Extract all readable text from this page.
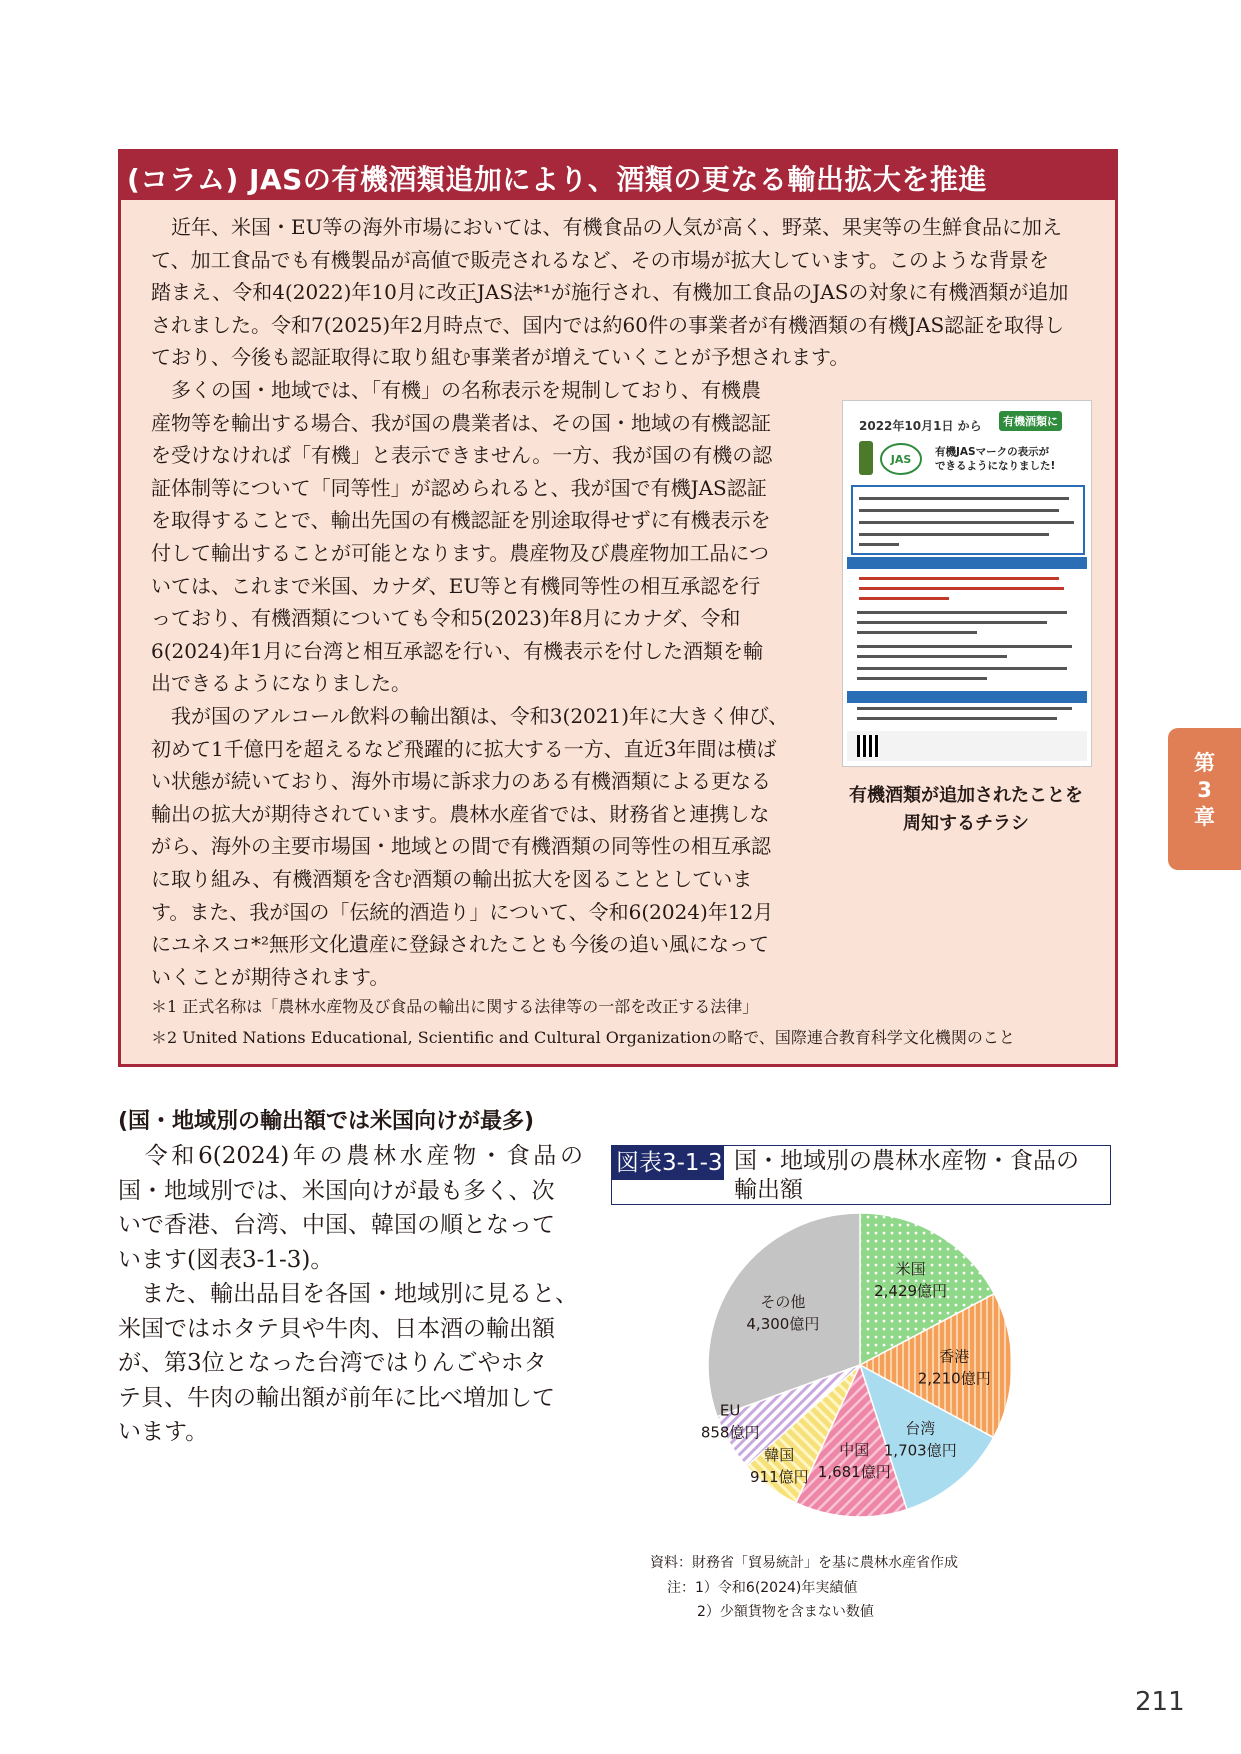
(コラム) JASの有機酒類追加により、酒類の更なる輸出拡大を推進

近年、米国・EU等の海外市場においては、有機食品の人気が高く、野菜、果実等の生鮮食品に加え

て、加工食品でも有機製品が高値で販売されるなど、その市場が拡大しています。このような背景を

踏まえ、令和4(2022)年10月に改正JAS法*¹が施行され、有機加工食品のJASの対象に有機酒類が追加

されました。令和7(2025)年2月時点で、国内では約60件の事業者が有機酒類の有機JAS認証を取得し

ており、今後も認証取得に取り組む事業者が増えていくことが予想されます。

多くの国・地域では、「有機」の名称表示を規制しており、有機農

産物等を輸出する場合、我が国の農業者は、その国・地域の有機認証

を受けなければ「有機」と表示できません。一方、我が国の有機の認

証体制等について「同等性」が認められると、我が国で有機JAS認証

を取得することで、輸出先国の有機認証を別途取得せずに有機表示を

付して輸出することが可能となります。農産物及び農産物加工品につ

いては、これまで米国、カナダ、EU等と有機同等性の相互承認を行

っており、有機酒類についても令和5(2023)年8月にカナダ、令和

6(2024)年1月に台湾と相互承認を行い、有機表示を付した酒類を輸

出できるようになりました。

我が国のアルコール飲料の輸出額は、令和3(2021)年に大きく伸び、

初めて1千億円を超えるなど飛躍的に拡大する一方、直近3年間は横ば

い状態が続いており、海外市場に訴求力のある有機酒類による更なる

輸出の拡大が期待されています。農林水産省では、財務省と連携しな

がら、海外の主要市場国・地域との間で有機酒類の同等性の相互承認

に取り組み、有機酒類を含む酒類の輸出拡大を図ることとしていま

す。また、我が国の「伝統的酒造り」について、令和6(2024)年12月

にユネスコ*²無形文化遺産に登録されたことも今後の追い風になって

いくことが期待されます。

＊1 正式名称は「農林水産物及び食品の輸出に関する法律等の一部を改正する法律」
＊2 United Nations Educational, Scientific and Cultural Organizationの略で、国際連合教育科学文化機関のこと
2022年10月1日 から	有機酒類に
JAS
有機JASマークの表示が
できるようになりました!
有機酒類が追加されたことを
周知するチラシ
第
3
章
(国・地域別の輸出額では米国向けが最多)
令和6(2024)年の農林水産物・食品の
国・地域別では、米国向けが最も多く、次
いで香港、台湾、中国、韓国の順となって
います(図表3-1-3)。
また、輸出品目を各国・地域別に見ると、
米国ではホタテ貝や牛肉、日本酒の輸出額
が、第3位となった台湾ではりんごやホタ
テ貝、牛肉の輸出額が前年に比べ増加して
います。
図表3-1-3 国・地域別の農林水産物・食品の
輸出額
米国
2,429億円
香港
2,210億円
台湾
1,703億円
中国
1,681億円
韓国
911億円
EU
858億円
その他
4,300億円
資料：財務省「貿易統計」を基に農林水産省作成
注：1）令和6(2024)年実績値
2）少額貨物を含まない数値
211
